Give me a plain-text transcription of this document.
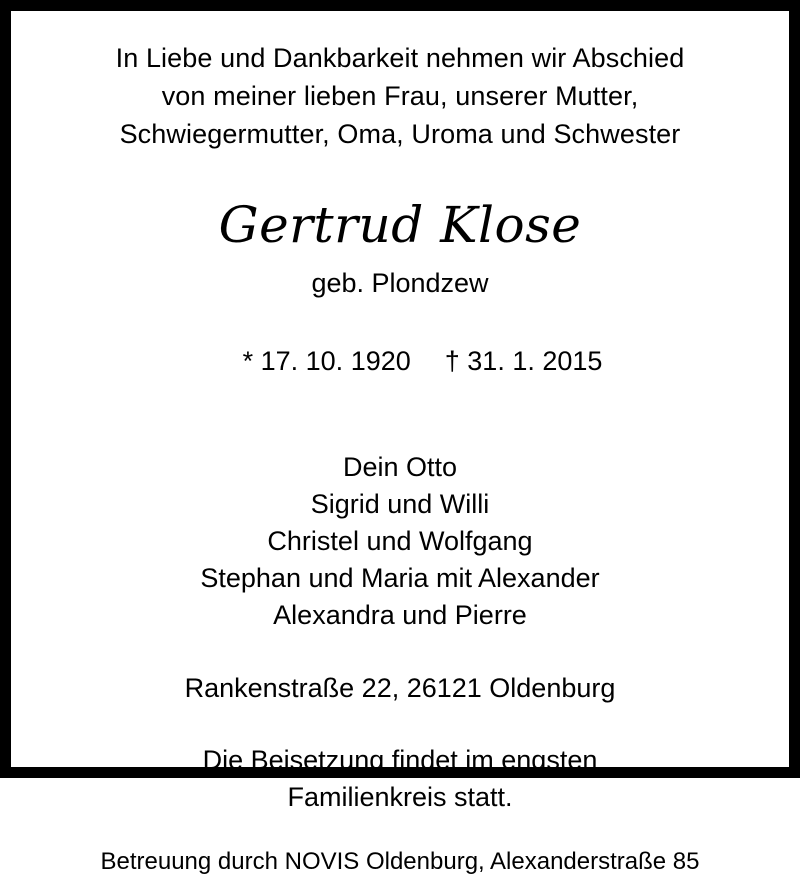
In Liebe und Dankbarkeit nehmen wir Abschied
von meiner lieben Frau, unserer Mutter,
Schwiegermutter, Oma, Uroma und Schwester
Gertrud Klose
geb. Plondzew

* 17. 10. 1920 † 31. 1. 2015

Dein Otto
Sigrid und Willi
Christel und Wolfgang
Stephan und Maria mit Alexander
Alexandra und Pierre
Rankenstraße 22, 26121 Oldenburg
Die Beisetzung findet im engsten
Familienkreis statt.
Betreuung durch NOVIS Oldenburg, Alexanderstraße 85
